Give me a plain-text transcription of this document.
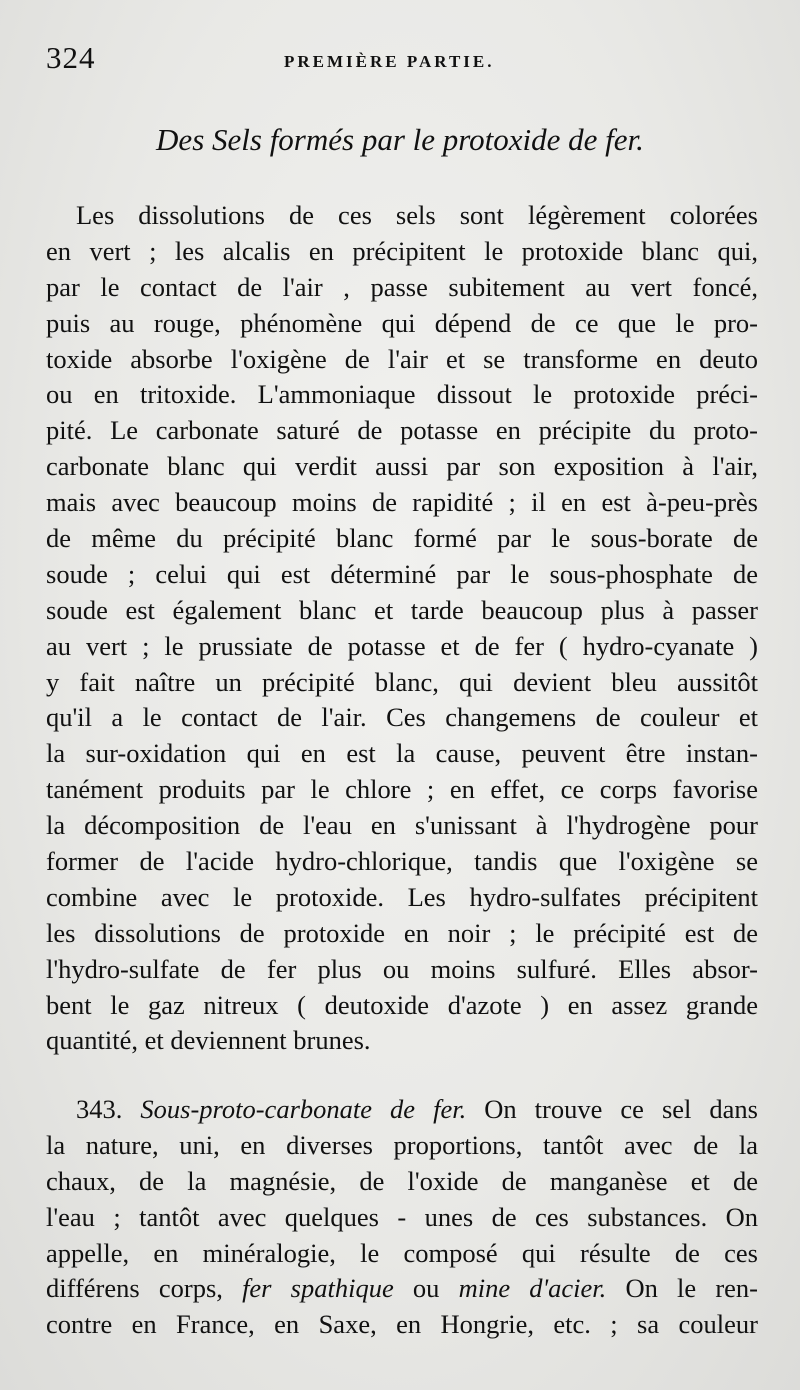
324	PREMIÈRE PARTIE.
Des Sels formés par le protoxide de fer.
Les dissolutions de ces sels sont légèrement colorées
en vert ; les alcalis en précipitent le protoxide blanc qui,
par le contact de l'air , passe subitement au vert foncé,
puis au rouge, phénomène qui dépend de ce que le pro-
toxide absorbe l'oxigène de l'air et se transforme en deuto
ou en tritoxide. L'ammoniaque dissout le protoxide préci-
pité. Le carbonate saturé de potasse en précipite du proto-
carbonate blanc qui verdit aussi par son exposition à l'air,
mais avec beaucoup moins de rapidité ; il en est à-peu-près
de même du précipité blanc formé par le sous-borate de
soude ; celui qui est déterminé par le sous-phosphate de
soude est également blanc et tarde beaucoup plus à passer
au vert ; le prussiate de potasse et de fer ( hydro-cyanate )
y fait naître un précipité blanc, qui devient bleu aussitôt
qu'il a le contact de l'air. Ces changemens de couleur et
la sur-oxidation qui en est la cause, peuvent être instan-
tanément produits par le chlore ; en effet, ce corps favorise
la décomposition de l'eau en s'unissant à l'hydrogène pour
former de l'acide hydro-chlorique, tandis que l'oxigène se
combine avec le protoxide. Les hydro-sulfates précipitent
les dissolutions de protoxide en noir ; le précipité est de
l'hydro-sulfate de fer plus ou moins sulfuré. Elles absor-
bent le gaz nitreux ( deutoxide d'azote ) en assez grande
quantité, et deviennent brunes.
343. Sous-proto-carbonate de fer. On trouve ce sel dans
la nature, uni, en diverses proportions, tantôt avec de la
chaux, de la magnésie, de l'oxide de manganèse et de
l'eau ; tantôt avec quelques - unes de ces substances. On
appelle, en minéralogie, le composé qui résulte de ces
différens corps, fer spathique ou mine d'acier. On le ren-
contre en France, en Saxe, en Hongrie, etc. ; sa couleur
